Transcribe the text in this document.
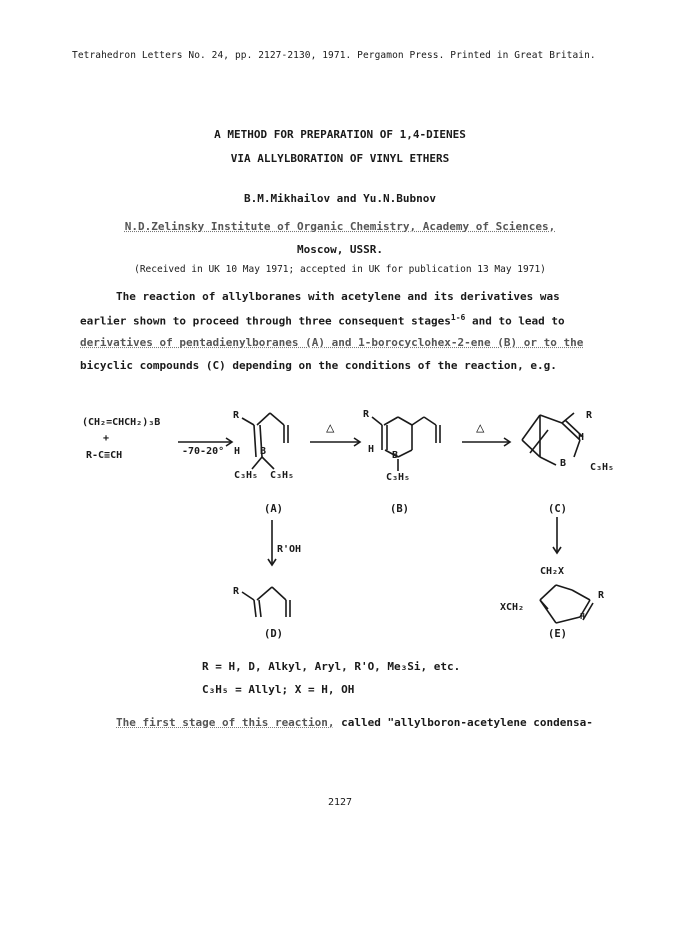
Tetrahedron Letters No. 24, pp. 2127-2130, 1971. Pergamon Press. Printed in Great Britain.
A METHOD FOR PREPARATION OF 1,4-DIENES
VIA ALLYLBORATION OF VINYL ETHERS
B.M.Mikhailov and Yu.N.Bubnov
N.D.Zelinsky Institute of Organic Chemistry, Academy of Sciences,
Moscow, USSR.
(Received in UK 10 May 1971; accepted in UK for publication 13 May 1971)
The reaction of allylboranes with acetylene and its derivatives was
earlier shown to proceed through three consequent stages$^{1-6}$ and to lead to
derivatives of pentadienylboranes (A) and 1-borocyclohex-2-ene (B) or to the
bicyclic compounds (C) depending on the conditions of the reaction, e.g.
(CH₂=CHCH₂)₃B
+
R-C≡CH	-70-20°
R
H B
C₃H₅ C₃H₅
△	△
R
H
B
C₃H₅
R
H
B C₃H₅
(A)	(B)	(C)
R'OH
R
CH₂X
R
XCH₂
H
(D)	(E)
R = H, D, Alkyl, Aryl, R'O, Me₃Si, etc.
C₃H₅ = Allyl; X = H, OH
The first stage of this reaction, called "allylboron-acetylene condensa-
2127
